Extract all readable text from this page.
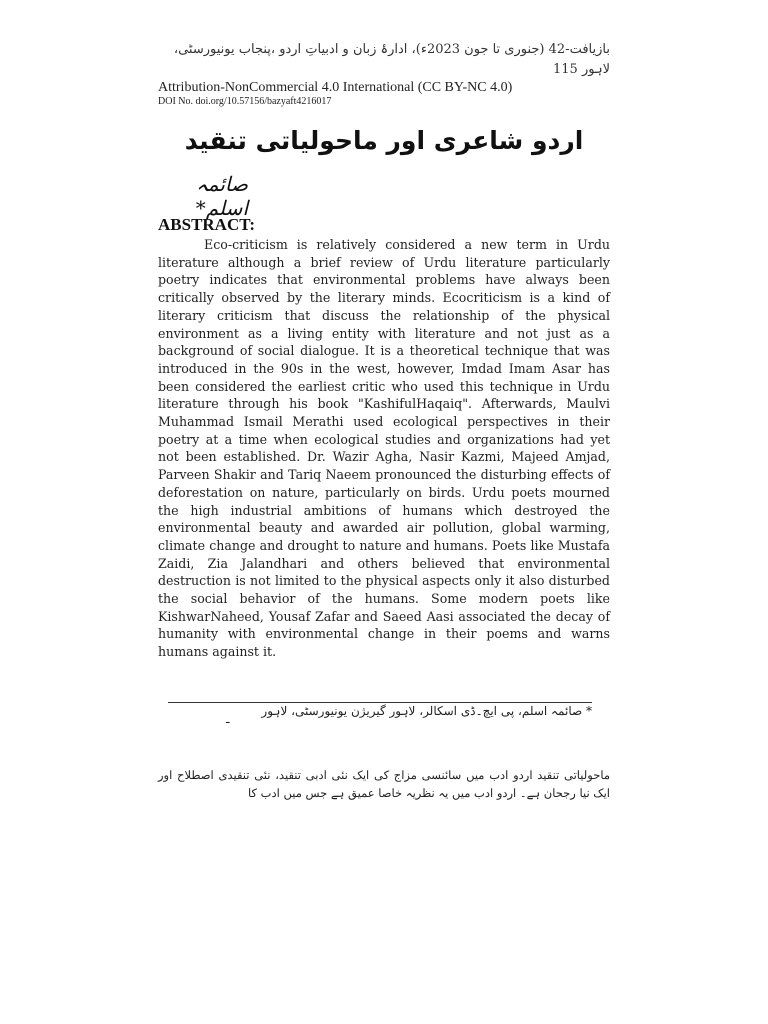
بازیافت-42 (جنوری تا جون 2023ء)، ادارۂ زبان و ادبیاتِ اردو ،پنجاب یونیورسٹی، لاہور 115
Attribution-NonCommercial 4.0 International (CC BY-NC 4.0)
DOI No. doi.org/10.57156/bazyaft4216017
اردو شاعری اور ماحولیاتی تنقید
صائمہ اسلم*
ABSTRACT:

Eco-criticism is relatively considered a new term in Urdu literature although a brief review of Urdu literature particularly poetry indicates that environmental problems have always been critically observed by the literary minds. Ecocriticism is a kind of literary criticism that discuss the relationship of the physical environment as a living entity with literature and not just as a background of social dialogue. It is a theoretical technique that was introduced in the 90s in the west, however, Imdad Imam Asar has been considered the earliest critic who used this technique in Urdu literature through his book "KashifulHaqaiq". Afterwards, Maulvi Muhammad Ismail Merathi used ecological perspectives in their poetry at a time when ecological studies and organizations had yet not been established. Dr. Wazir Agha, Nasir Kazmi, Majeed Amjad, Parveen Shakir and Tariq Naeem pronounced the disturbing effects of deforestation on nature, particularly on birds. Urdu poets mourned the high industrial ambitions of humans which destroyed the environmental beauty and awarded air pollution, global warming, climate change and drought to nature and humans. Poets like Mustafa Zaidi, Zia Jalandhari and others believed that environmental destruction is not limited to the physical aspects only it also disturbed the social behavior of the humans. Some modern poets like KishwarNaheed, Yousaf Zafar and Saeed Aasi associated the decay of humanity with environmental change in their poems and warns humans against it.

* صائمہ اسلم، پی ایچ۔ڈی اسکالر، لاہور گیریژن یونیورسٹی، لاہور
ـ

ماحولیاتی تنقید اردو ادب میں سائنسی مزاج کی ایک نئی ادبی تنقید، نئی تنقیدی اصطلاح اور ایک نیا رجحان ہے۔ اردو ادب میں یہ نظریہ خاصا عمیق ہے جس میں ادب کا
